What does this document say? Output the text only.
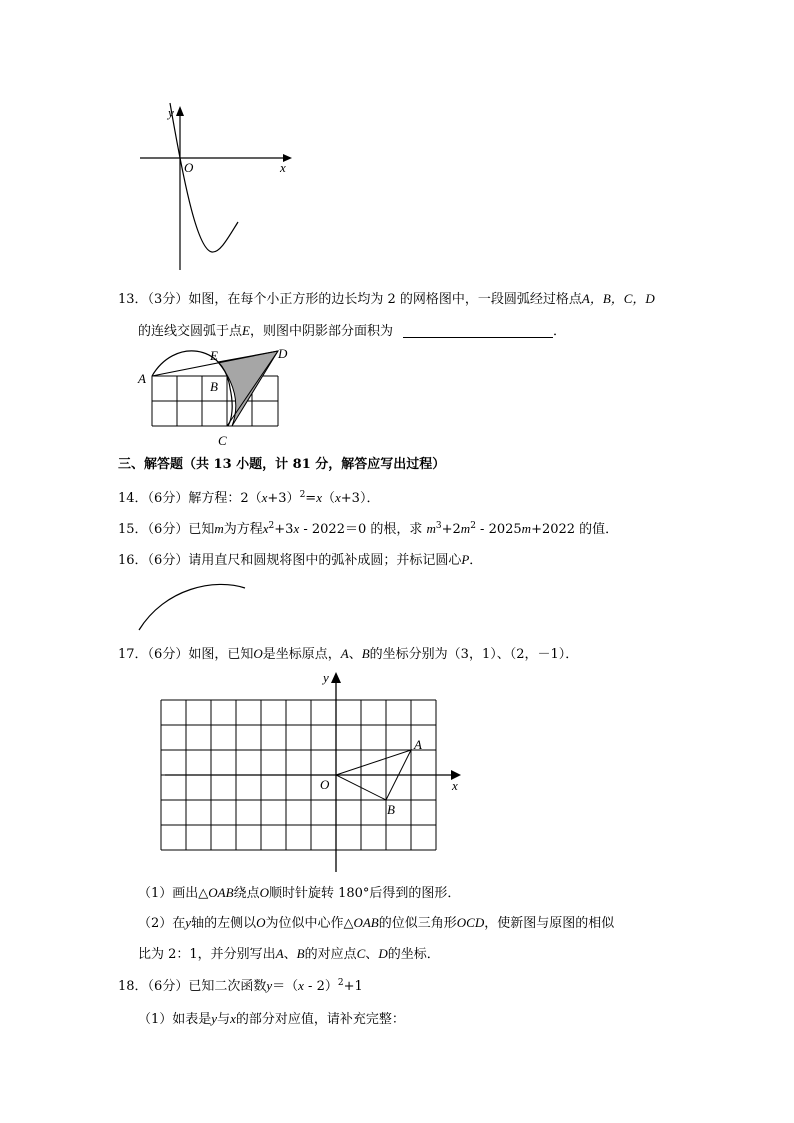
y
O	x
13．（3分）如图，在每个小正方形的边长均为 2 的网格图中，一段圆弧经过格点A，B，C，D
的连线交圆弧于点E，则图中阴影部分面积为	．
A
E
B
D
C
三、解答题（共 13 小题，计 81 分，解答应写出过程）
14．（6分）解方程：$2(x+3)^2=x(x+3)$．
15．（6分）已知m为方程$x^2+3x - 2022=0$ 的根，求 $m^3+2m^2 - 2025m+2022$ 的值．
16．（6分）请用直尺和圆规将图中的弧补成圆；并标记圆心P．
17．（6分）如图，已知O是坐标原点，A、B的坐标分别为（3，1）、（2，－1）．
y
x
O
A
B
（1）画出△OAB绕点O顺时针旋转 180°后得到的图形．
（2）在y轴的左侧以O为位似中心作△OAB的位似三角形OCD，使新图与原图的相似
比为 2：1，并分别写出A、B的对应点C、D的坐标．
18．（6分）已知二次函数y＝（x - 2）$^2$+1
（1）如表是y与x的部分对应值，请补充完整：
